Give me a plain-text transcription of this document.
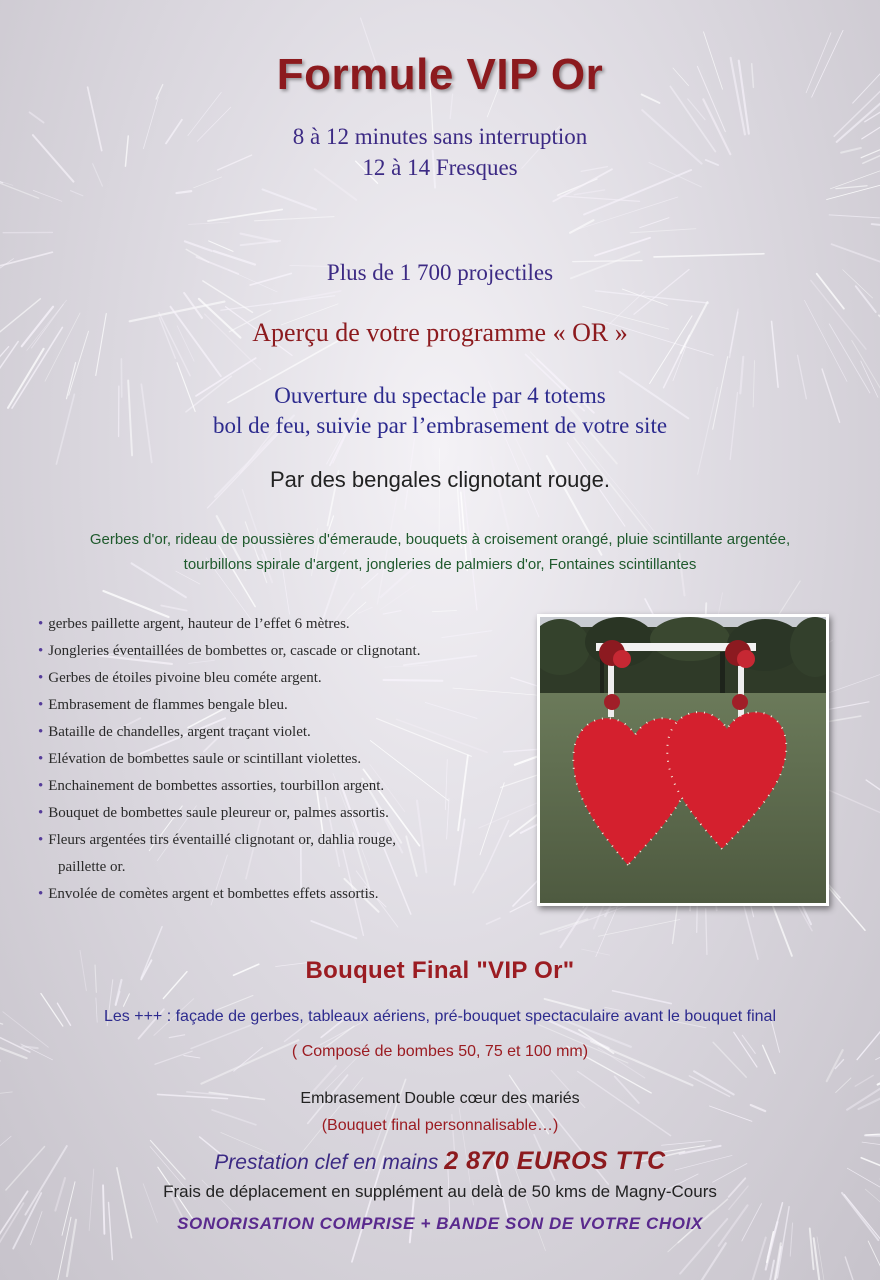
Formule VIP Or
8 à 12 minutes sans interruption
12 à 14 Fresques
Plus de 1 700 projectiles
Aperçu de votre programme « OR »
Ouverture du spectacle par 4 totems
bol de feu, suivie par l’embrasement de votre site
Par des bengales clignotant rouge.
Gerbes d'or, rideau de poussières d'émeraude, bouquets à croisement orangé, pluie scintillante argentée,
tourbillons spirale d'argent, jongleries de palmiers d'or, Fontaines scintillantes
• gerbes paillette argent, hauteur de l’effet 6 mètres.
• Jongleries éventaillées de bombettes or, cascade or clignotant.
• Gerbes de étoiles pivoine bleu cométe argent.
• Embrasement de flammes bengale bleu.
• Bataille de chandelles, argent traçant violet.
• Elévation de bombettes saule or scintillant violettes.
• Enchainement de bombettes assorties, tourbillon argent.
• Bouquet de bombettes saule pleureur or, palmes assortis.
• Fleurs argentées tirs éventaillé clignotant or, dahlia rouge,
paillette or.
• Envolée de comètes argent et bombettes effets assortis.
Bouquet Final "VIP Or"
Les +++ : façade de gerbes, tableaux aériens, pré-bouquet spectaculaire avant le bouquet final
( Composé de bombes 50, 75 et 100 mm)
Embrasement Double cœur des mariés
(Bouquet final personnalisable…)
Prestation clef en mains 2 870 EUROS TTC
Frais de déplacement en supplément au delà de 50 kms de Magny-Cours
SONORISATION COMPRISE + BANDE SON DE VOTRE CHOIX
